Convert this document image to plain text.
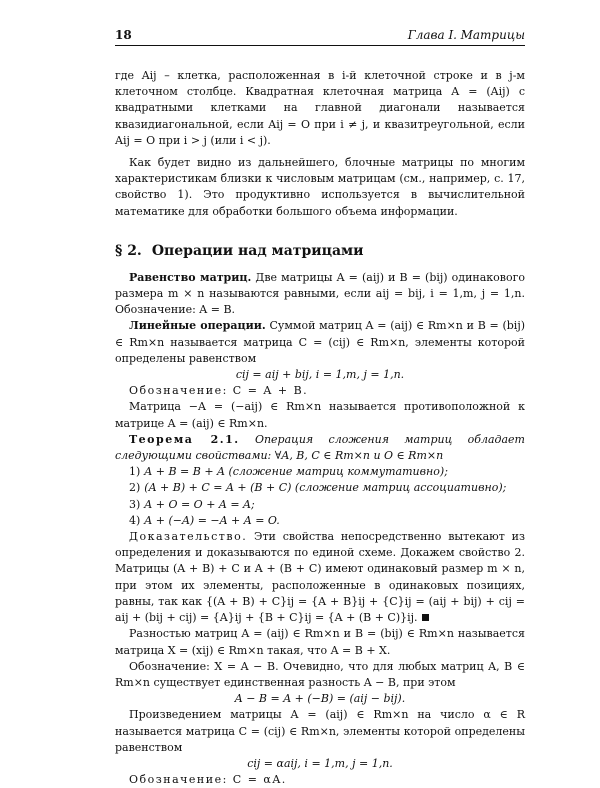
18	Глава I. Матрицы

где Aij – клетка, расположенная в i-й клеточной строке и в j-м клеточном столбце. Квадратная клеточная матрица A = (Aij) с квадратными клетками на главной диагонали называется квазидиагональной, если Aij = O при i ≠ j, и квазитреугольной, если Aij = O при i > j (или i < j).

Как будет видно из дальнейшего, блочные матрицы по многим характеристикам близки к числовым матрицам (см., например, с. 17, свойство 1). Это продуктивно используется в вычислительной математике для обработки большого объема информации.

§ 2. Операции над матрицами

Равенство матриц. Две матрицы A = (aij) и B = (bij) одинакового размера m × n называются равными, если aij = bij, i = 1,m, j = 1,n. Обозначение: A = B.

Линейные операции. Суммой матриц A = (aij) ∈ Rm×n и B = (bij) ∈ Rm×n называется матрица C = (cij) ∈ Rm×n, элементы которой определены равенством

cij = aij + bij, i = 1,m, j = 1,n.

Обозначение: C = A + B.

Матрица −A = (−aij) ∈ Rm×n называется противоположной к матрице A = (aij) ∈ Rm×n.

Теорема 2.1. Операция сложения матриц обладает следующими свойствами: ∀A, B, C ∈ Rm×n и O ∈ Rm×n

1) A + B = B + A (сложение матриц коммутативно);

2) (A + B) + C = A + (B + C) (сложение матриц ассоциативно);

3) A + O = O + A = A;

4) A + (−A) = −A + A = O.

Доказательство. Эти свойства непосредственно вытекают из определения и доказываются по единой схеме. Докажем свойство 2. Матрицы (A + B) + C и A + (B + C) имеют одинаковый размер m × n, при этом их элементы, расположенные в одинаковых позициях, равны, так как {(A + B) + C}ij = {A + B}ij + {C}ij = (aij + bij) + cij = aij + (bij + cij) = {A}ij + {B + C}ij = {A + (B + C)}ij.

Разностью матриц A = (aij) ∈ Rm×n и B = (bij) ∈ Rm×n называется матрица X = (xij) ∈ Rm×n такая, что A = B + X.

Обозначение: X = A − B. Очевидно, что для любых матриц A, B ∈ Rm×n существует единственная разность A − B, при этом

A − B = A + (−B) = (aij − bij).

Произведением матрицы A = (aij) ∈ Rm×n на число α ∈ R называется матрица C = (cij) ∈ Rm×n, элементы которой определены равенством

cij = αaij, i = 1,m, j = 1,n.

Обозначение: C = αA.
